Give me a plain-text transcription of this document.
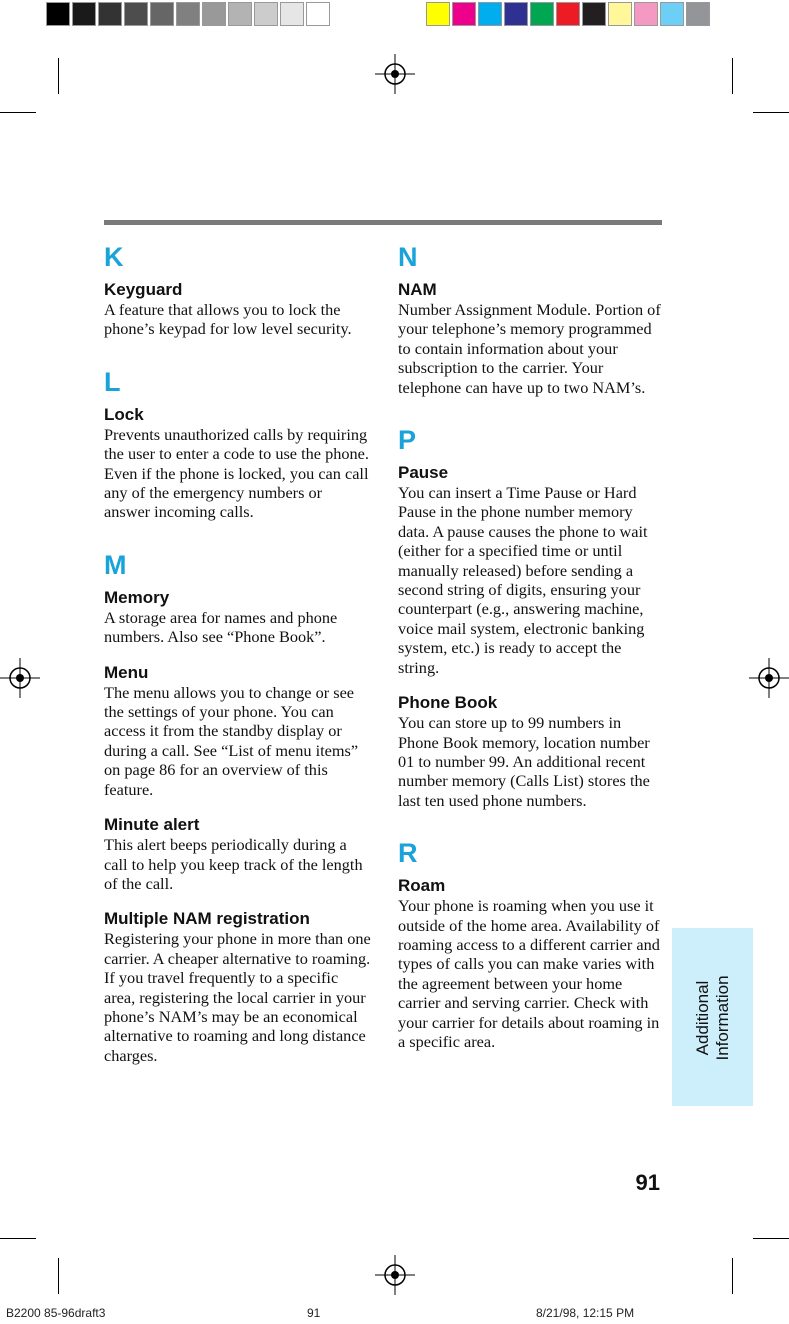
K

Keyguard

A feature that allows you to lock the phone’s keypad for low level security.

L

Lock

Prevents unauthorized calls by requiring the user to enter a code to use the phone. Even if the phone is locked, you can call any of the emergency numbers or answer incoming calls.

M

Memory

A storage area for names and phone numbers. Also see “Phone Book”.

Menu

The menu allows you to change or see the settings of your phone. You can access it from the standby display or during a call. See “List of menu items” on page 86 for an overview of this feature.

Minute alert

This alert beeps periodically during a call to help you keep track of the length of the call.

Multiple NAM registration

Registering your phone in more than one carrier. A cheaper alternative to roaming. If you travel frequently to a specific area, registering the local carrier in your phone’s NAM’s may be an economical alternative to roaming and long distance charges.

N

NAM

Number Assignment Module. Portion of your telephone’s memory programmed to contain information about your subscription to the carrier. Your telephone can have up to two NAM’s.

P

Pause

You can insert a Time Pause or Hard Pause in the phone number memory data. A pause causes the phone to wait (either for a specified time or until manually released) before sending a second string of digits, ensuring your counterpart (e.g., answering machine, voice mail system, electronic banking system, etc.) is ready to accept the string.

Phone Book

You can store up to 99 numbers in Phone Book memory, location number 01 to number 99. An additional recent number memory (Calls List) stores the last ten used phone numbers.

R

Roam

Your phone is roaming when you use it outside of the home area. Availability of roaming access to a different carrier and types of calls you can make varies with the agreement between your home carrier and serving carrier. Check with your carrier for details about roaming in a specific area.	Additional Information
91
B2200 85-96draft3	91	8/21/98, 12:15 PM
